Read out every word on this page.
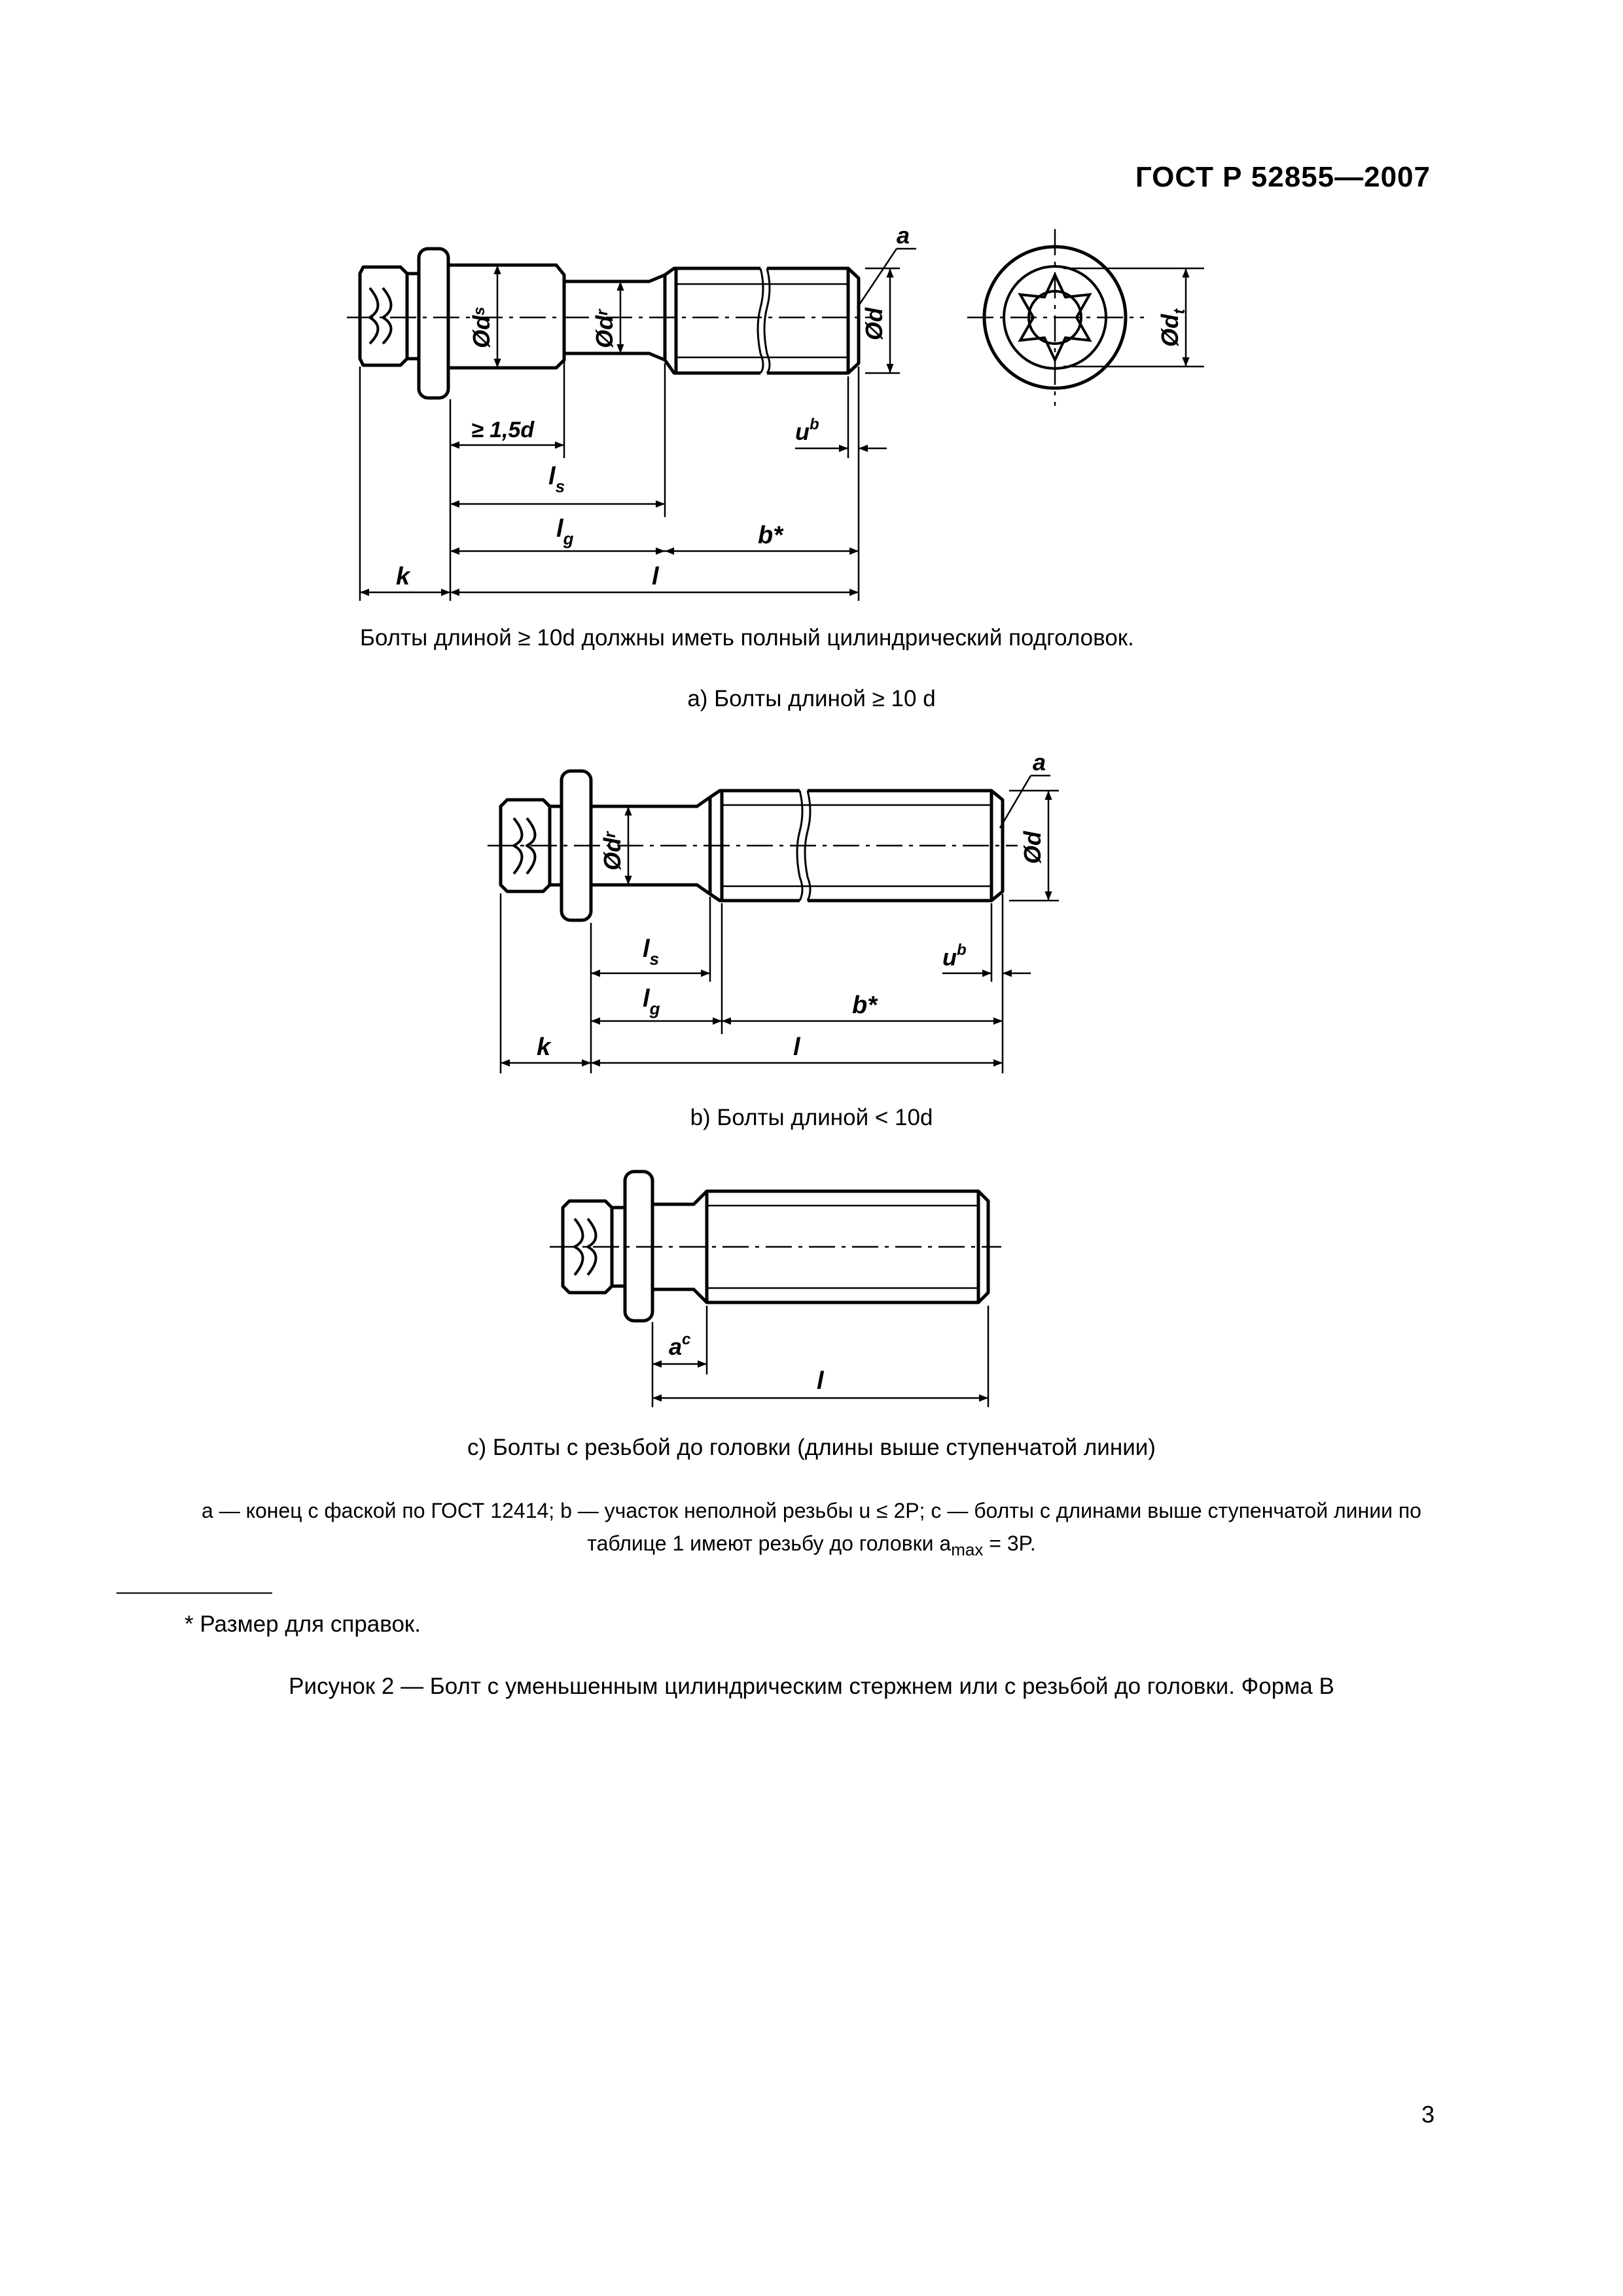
ГОСТ Р 52855—2007
a
$Ød^s$
$Ød^r$	Ød
≥ 1,5d	$u^b$
$l_s$
$l_g$	b*
k	l
$Ød_t$
Болты длиной ≥ 10d должны иметь полный цилиндрический подголовок.
а) Болты длиной ≥ 10 d
a
$Ød^r$	Ød
$l_s$	$u^b$
$l_g$	b*
k	l
b) Болты длиной < 10d
$a^c$
l
c) Болты с резьбой до головки (длины выше ступенчатой линии)
a — конец с фаской по ГОСТ 12414; b — участок неполной резьбы u ≤ 2P; c — болты с длинами выше ступенчатой линии по
таблице 1 имеют резьбу до головки $a_{max} = 3P$.
* Размер для справок.
Рисунок 2 — Болт с уменьшенным цилиндрическим стержнем или с резьбой до головки. Форма В
3
